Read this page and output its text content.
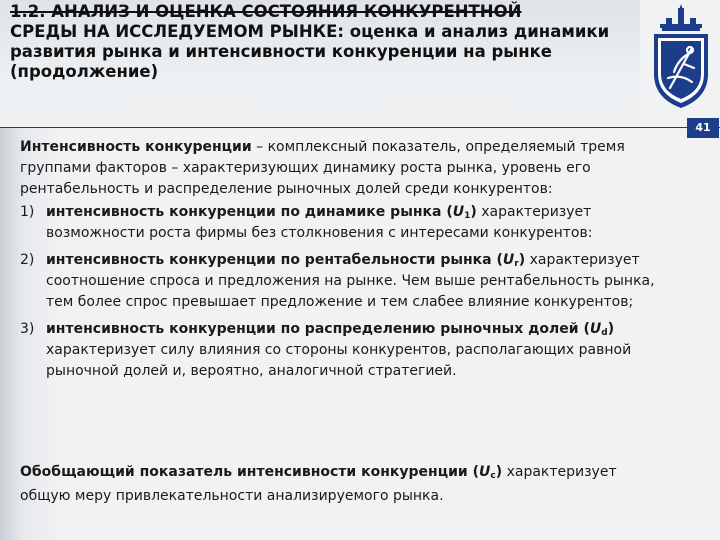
1.2. АНАЛИЗ И ОЦЕНКА СОСТОЯНИЯ КОНКУРЕНТНОЙ
СРЕДЫ НА ИССЛЕДУЕМОМ РЫНКЕ: оценка и анализ динамики развития рынка и интенсивности конкуренции на рынке
(продолжение)
41

Интенсивность конкуренции – комплексный показатель, определяемый тремя группами факторов – характеризующих динамику роста рынка, уровень его рентабельность и распределение рыночных долей среди конкурентов:

1) интенсивность конкуренции по динамике рынка $(U_1)$ характеризует возможности роста фирмы без столкновения с интересами конкурентов:
2) интенсивность конкуренции по рентабельности рынка $(U_r)$ характеризует соотношение спроса и предложения на рынке. Чем выше рентабельность рынка, тем более спрос превышает предложение и тем слабее влияние конкурентов;
3) интенсивность конкуренции по распределению рыночных долей $(U_d)$ характеризует силу влияния со стороны конкурентов, располагающих равной рыночной долей и, вероятно, аналогичной стратегией.
Обобщающий показатель интенсивности конкуренции $(U_c)$ характеризует общую меру привлекательности анализируемого рынка.
